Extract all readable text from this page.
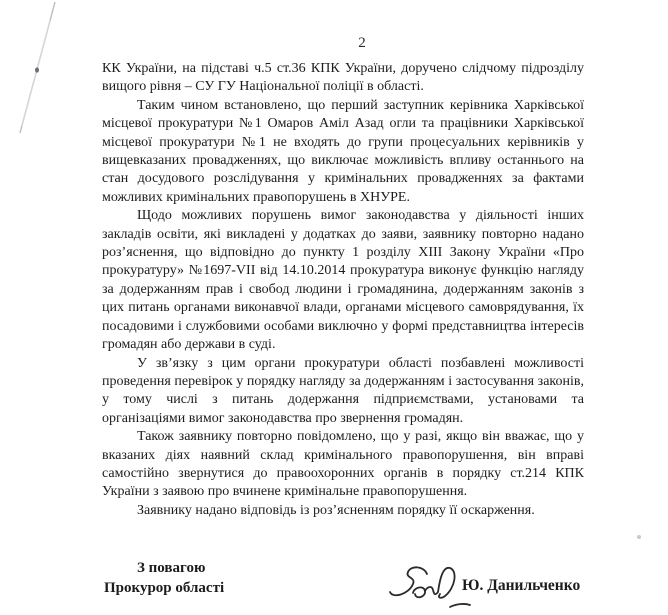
2

КК України, на підставі ч.5 ст.36 КПК України, доручено слідчому підрозділу вищого рівня – СУ ГУ Національної поліції в області.

Таким чином встановлено, що перший заступник керівника Харківської місцевої прокуратури №1 Омаров Аміл Азад огли та працівники Харківської місцевої прокуратури №1 не входять до групи процесуальних керівників у вищевказаних провадженнях, що виключає можливість впливу останнього на стан досудового розслідування у кримінальних провадженнях за фактами можливих кримінальних правопорушень в ХНУРЕ.

Щодо можливих порушень вимог законодавства у діяльності інших закладів освіти, які викладені у додатках до заяви, заявнику повторно надано роз’яснення, що відповідно до пункту 1 розділу XIII Закону України «Про прокуратуру» №1697-VII від 14.10.2014 прокуратура виконує функцію нагляду за додержанням прав і свобод людини і громадянина, додержанням законів з цих питань органами виконавчої влади, органами місцевого самоврядування, їх посадовими і службовими особами виключно у формі представництва інтересів громадян або держави в суді.

У зв’язку з цим органи прокуратури області позбавлені можливості проведення перевірок у порядку нагляду за додержанням і застосування законів, у тому числі з питань додержання підприємствами, установами та організаціями вимог законодавства про звернення громадян.

Також заявнику повторно повідомлено, що у разі, якщо він вважає, що у вказаних діях наявний склад кримінального правопорушення, він вправі самостійно звернутися до правоохоронних органів в порядку ст.214 КПК України з заявою про вчинене кримінальне правопорушення.

Заявнику надано відповідь із роз’ясненням порядку її оскарження.

З повагою
Прокурор області	Ю. Данильченко
